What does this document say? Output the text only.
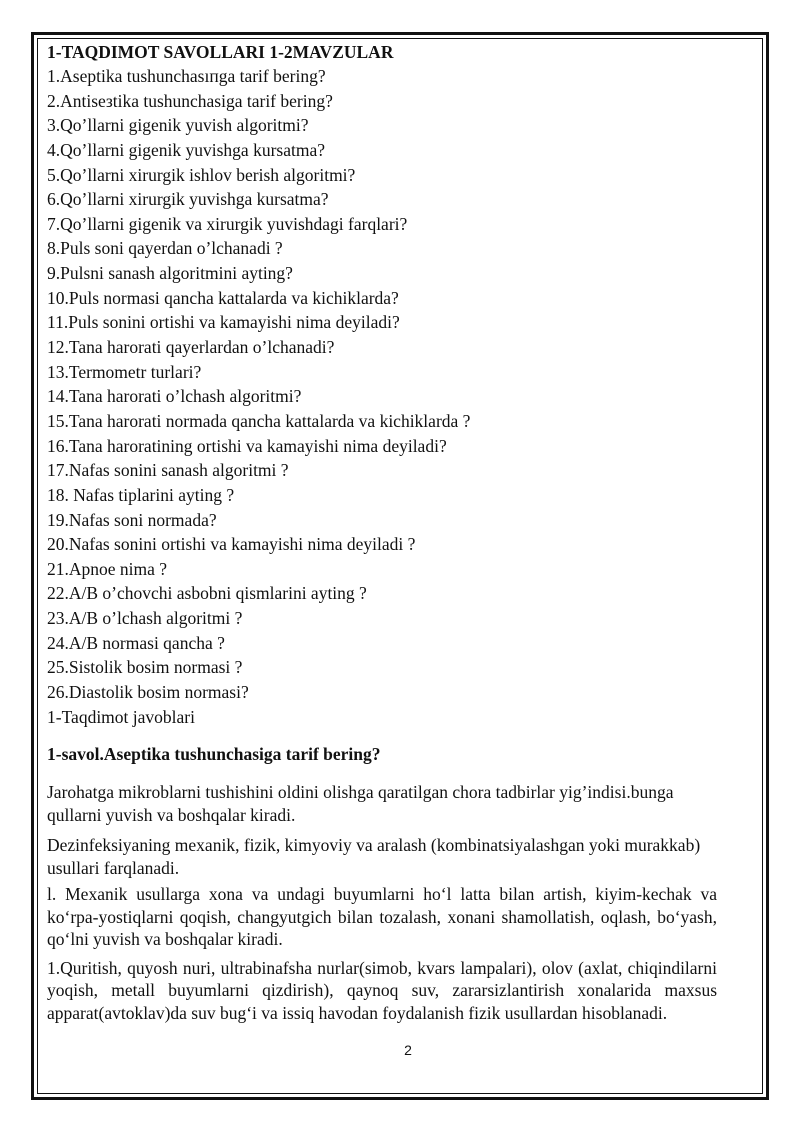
1-TAQDIMOT SAVOLLARI 1-2MAVZULAR
1.Aseptika tushunchasıпga tarif bering?
2.Antiseзtika tushunchasiga tarif bering?
3.Qo’llarni gigenik yuvish algoritmi?
4.Qo’llarni gigenik yuvishga kursatma?
5.Qo’llarni xirurgik ishlov berish algoritmi?
6.Qo’llarni xirurgik yuvishga kursatma?
7.Qo’llarni gigenik va xirurgik yuvishdagi farqlari?
8.Puls soni qayerdan o’lchanadi ?
9.Pulsni sanash algoritmini ayting?
10.Puls normasi qancha kattalarda va kichiklarda?
11.Puls sonini ortishi va kamayishi nima deyiladi?
12.Tana harorati qayerlardan o’lchanadi?
13.Termometr turlari?
14.Tana harorati o’lchash algoritmi?
15.Tana harorati normada qancha kattalarda va kichiklarda ?
16.Tana haroratining ortishi va kamayishi nima deyiladi?
17.Nafas sonini sanash algoritmi ?
18. Nafas tiplarini ayting ?
19.Nafas soni normada?
20.Nafas sonini ortishi va kamayishi nima deyiladi ?
21.Apnoe nima ?
22.A/B o’chovchi asbobni qismlarini ayting ?
23.A/B o’lchash algoritmi ?
24.A/B normasi qancha ?
25.Sistolik bosim normasi ?
26.Diastolik bosim normasi?
1-Taqdimot javoblari
1-savol.Aseptika tushunchasiga tarif bering?
Jarohatga mikroblarni tushishini oldini olishga qaratilgan chora tadbirlar yig’indisi.bunga
qullarni yuvish va boshqalar kiradi.
Dezinfeksiyaning mexanik, fizik, kimyoviy va aralash (kombinatsiyalashgan yoki murakkab)
usullari farqlanadi.

l. Mexanik usullarga xona va undagi buyumlarni ho‘l latta bilan artish, kiyim-kechak va ko‘rpa-yostiqlarni qoqish, changyutgich bilan tozalash, xonani shamollatish, oqlash, bo‘yash, qo‘lni yuvish va boshqalar kiradi.

1.Quritish, quyosh nuri, ultrabinafsha nurlar(simob, kvars lampalari), olov (axlat, chiqindilarni yoqish, metall buyumlarni qizdirish), qaynoq suv, zararsizlantirish xonalarida maxsus apparat(avtoklav)da suv bug‘i va issiq havodan foydalanish fizik usullardan hisoblanadi.

2
